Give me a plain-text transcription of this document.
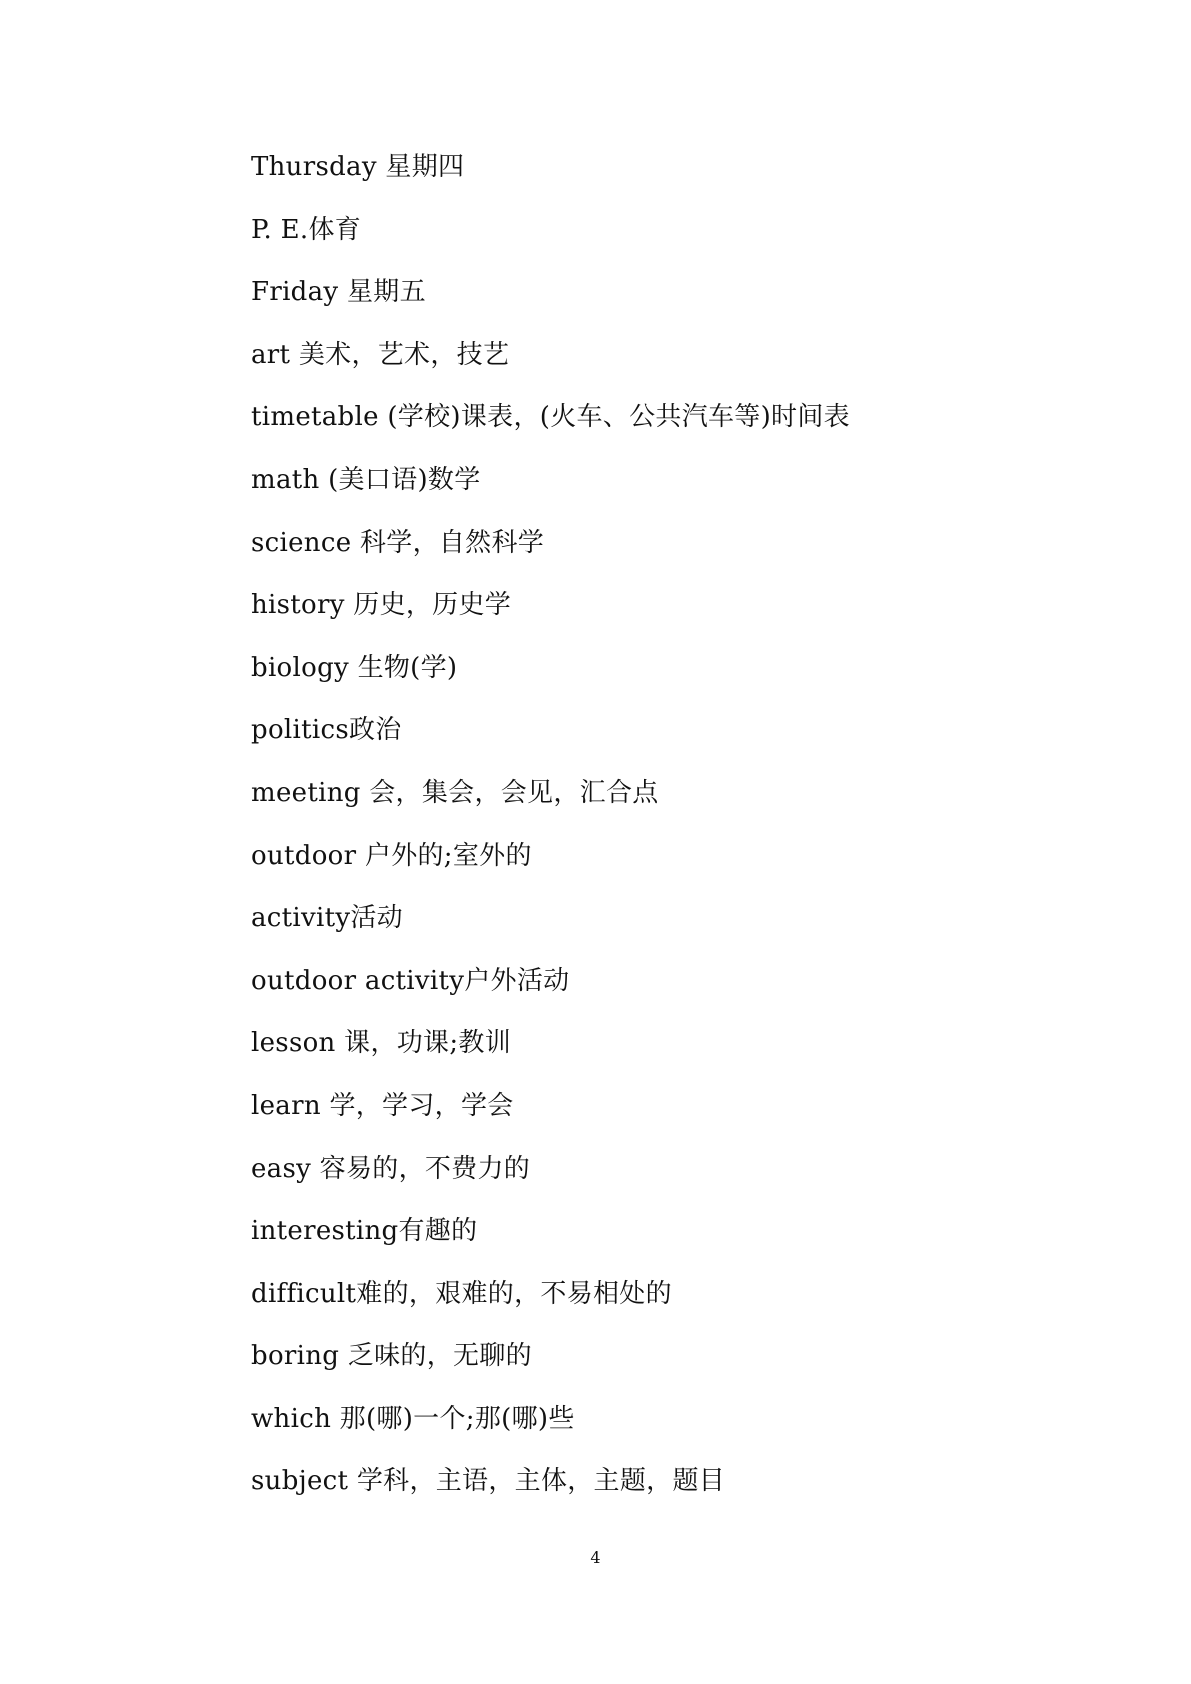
Thursday 星期四
P. E.体育
Friday 星期五
art 美术，艺术，技艺
timetable (学校)课表，(火车、公共汽车等)时间表
math (美口语)数学
science 科学，自然科学
history 历史，历史学
biology 生物(学)
politics政治
meeting 会，集会，会见，汇合点
outdoor 户外的;室外的
activity活动
outdoor activity户外活动
lesson 课，功课;教训
learn 学，学习，学会
easy 容易的，不费力的
interesting有趣的
difficult难的，艰难的，不易相处的
boring 乏味的，无聊的
which 那(哪)一个;那(哪)些
subject 学科，主语，主体，主题，题目
4
